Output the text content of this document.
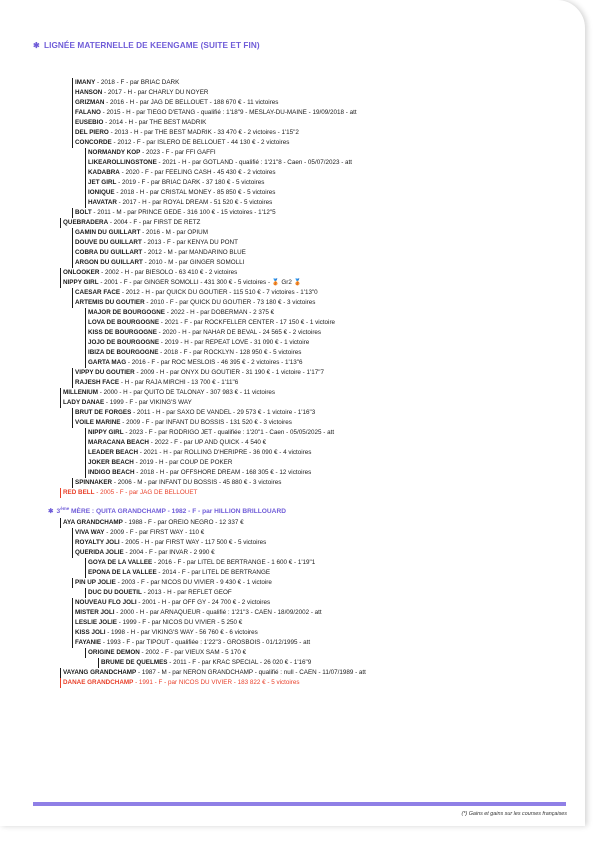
✱ LIGNÉE MATERNELLE DE KEENGAME (SUITE ET FIN)
IMANY - 2018 - F - par BRIAC DARK
HANSON - 2017 - H - par CHARLY DU NOYER
GRIZMAN - 2016 - H - par JAG DE BELLOUET - 188 670 € - 11 victoires
FALANO - 2015 - H - par TIEGO D'ETANG - qualifié : 1'18"9 - MESLAY-DU-MAINE - 19/09/2018 - att
EUSEBIO - 2014 - H - par THE BEST MADRIK
DEL PIERO - 2013 - H - par THE BEST MADRIK - 33 470 € - 2 victoires - 1'15"2
CONCORDE - 2012 - F - par ISLERO DE BELLOUET - 44 130 € - 2 victoires
NORMANDY KOP - 2023 - F - par FFI GAFFI
LIKEAROLLINGSTONE - 2021 - H - par GOTLAND - qualifié : 1'21"8 - Caen - 05/07/2023 - att
KADABRA - 2020 - F - par FEELING CASH - 45 430 € - 2 victoires
JET GIRL - 2019 - F - par BRIAC DARK - 37 180 € - 5 victoires
IONIQUE - 2018 - H - par CRISTAL MONEY - 85 850 € - 5 victoires
HAVATAR - 2017 - H - par ROYAL DREAM - 51 520 € - 5 victoires
BOLT - 2011 - M - par PRINCE GEDE - 316 100 € - 15 victoires - 1'12"5
QUEBRADERA - 2004 - F - par FIRST DE RETZ
GAMIN DU GUILLART - 2016 - M - par OPIUM
DOUVE DU GUILLART - 2013 - F - par KENYA DU PONT
COBRA DU GUILLART - 2012 - M - par MANDARINO BLUE
ARGON DU GUILLART - 2010 - M - par GINGER SOMOLLI
ONLOOKER - 2002 - H - par BIESOLO - 63 410 € - 2 victoires
NIPPY GIRL - 2001 - F - par GINGER SOMOLLI - 431 300 € - 5 victoires - 🥉 Gr2 🥉
CAESAR FACE - 2012 - H - par QUICK DU GOUTIER - 115 510 € - 7 victoires - 1'13"0
ARTEMIS DU GOUTIER - 2010 - F - par QUICK DU GOUTIER - 73 180 € - 3 victoires
MAJOR DE BOURGOGNE - 2022 - H - par DOBERMAN - 2 375 €
LOVA DE BOURGOGNE - 2021 - F - par ROCKFELLER CENTER - 17 150 € - 1 victoire
KISS DE BOURGOGNE - 2020 - H - par NAHAR DE BEVAL - 24 565 € - 2 victoires
JOJO DE BOURGOGNE - 2019 - H - par REPEAT LOVE - 31 090 € - 1 victoire
IBIZA DE BOURGOGNE - 2018 - F - par ROCKLYN - 128 950 € - 5 victoires
GARTA MAG - 2016 - F - par ROC MESLOIS - 46 395 € - 2 victoires - 1'13"6
VIPPY DU GOUTIER - 2009 - H - par ONYX DU GOUTIER - 31 190 € - 1 victoire - 1'17"7
RAJESH FACE - H - par RAJA MIRCHI - 13 700 € - 1'11"6
MILLENIUM - 2000 - H - par QUITO DE TALONAY - 307 983 € - 11 victoires
LADY DANAE - 1999 - F - par VIKING'S WAY
BRUT DE FORGES - 2011 - H - par SAXO DE VANDEL - 29 573 € - 1 victoire - 1'16"3
VOILE MARINE - 2009 - F - par INFANT DU BOSSIS - 131 520 € - 3 victoires
NIPPY GIRL - 2023 - F - par RODRIGO JET - qualifiée : 1'20"1 - Caen - 05/05/2025 - att
MARACANA BEACH - 2022 - F - par UP AND QUICK - 4 540 €
LEADER BEACH - 2021 - H - par ROLLING D'HERIPRE - 36 090 € - 4 victoires
JOKER BEACH - 2019 - H - par COUP DE POKER
INDIGO BEACH - 2018 - H - par OFFSHORE DREAM - 168 305 € - 12 victoires
SPINNAKER - 2006 - M - par INFANT DU BOSSIS - 45 880 € - 3 victoires
RED BELL - 2005 - F - par JAG DE BELLOUET
AYA GRANDCHAMP - 1988 - F - par OREIO NEGRO - 12 337 €
VIVA WAY - 2009 - F - par FIRST WAY - 110 €
ROYALTY JOLI - 2005 - H - par FIRST WAY - 117 500 € - 5 victoires
QUERIDA JOLIE - 2004 - F - par INVAR - 2 990 €
GOYA DE LA VALLEE - 2016 - F - par LITEL DE BERTRANGE - 1 600 € - 1'19"1
EPONA DE LA VALLEE - 2014 - F - par LITEL DE BERTRANGE
PIN UP JOLIE - 2003 - F - par NICOS DU VIVIER - 9 430 € - 1 victoire
DUC DU DOUETIL - 2013 - H - par REFLET GEOF
NOUVEAU FLO JOLI - 2001 - H - par OFF GY - 24 700 € - 2 victoires
MISTER JOLI - 2000 - H - par ARNAQUEUR - qualifié : 1'21"3 - CAEN - 18/09/2002 - att
LESLIE JOLIE - 1999 - F - par NICOS DU VIVIER - 5 250 €
KISS JOLI - 1998 - H - par VIKING'S WAY - 56 760 € - 6 victoires
FAYANIE - 1993 - F - par TIPOUT - qualifiée : 1'22"3 - GROSBOIS - 01/12/1995 - att
ORIGINE DEMON - 2002 - F - par VIEUX SAM - 5 170 €
BRUME DE QUELMES - 2011 - F - par KRAC SPECIAL - 26 020 € - 1'16"9
VAYANG GRANDCHAMP - 1987 - M - par NERON GRANDCHAMP - qualifié : null - CAEN - 11/07/1989 - att
DANAE GRANDCHAMP - 1991 - F - par NICOS DU VIVIER - 183 822 € - 5 victoires
✱ 3ème MÈRE : QUITA GRANDCHAMP - 1982 - F - par HILLION BRILLOUARD
(*) Gains et gains sur les courses françaises
